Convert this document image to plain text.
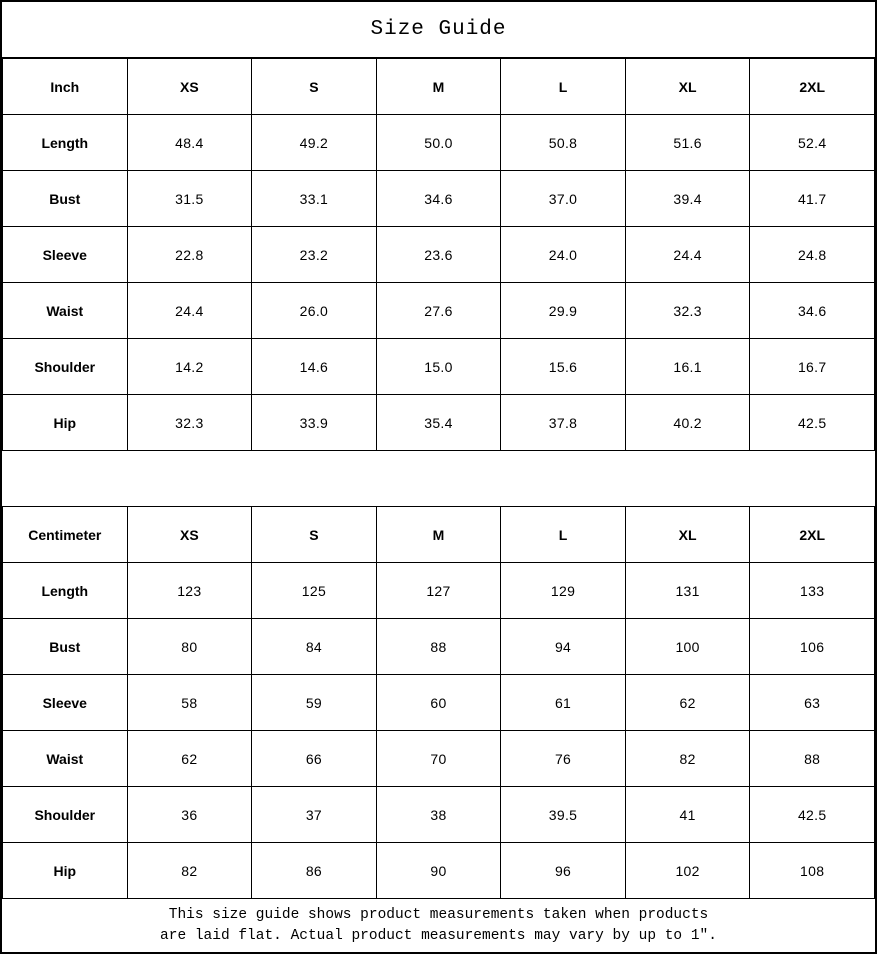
Size Guide
Inch	XS	S	M	L	XL	2XL
Length	48.4	49.2	50.0	50.8	51.6	52.4
Bust	31.5	33.1	34.6	37.0	39.4	41.7
Sleeve	22.8	23.2	23.6	24.0	24.4	24.8
Waist	24.4	26.0	27.6	29.9	32.3	34.6
Shoulder	14.2	14.6	15.0	15.6	16.1	16.7
Hip	32.3	33.9	35.4	37.8	40.2	42.5
Centimeter	XS	S	M	L	XL	2XL
Length	123	125	127	129	131	133
Bust	80	84	88	94	100	106
Sleeve	58	59	60	61	62	63
Waist	62	66	70	76	82	88
Shoulder	36	37	38	39.5	41	42.5
Hip	82	86	90	96	102	108
This size guide shows product measurements taken when products
are laid flat. Actual product measurements may vary by up to 1″.
